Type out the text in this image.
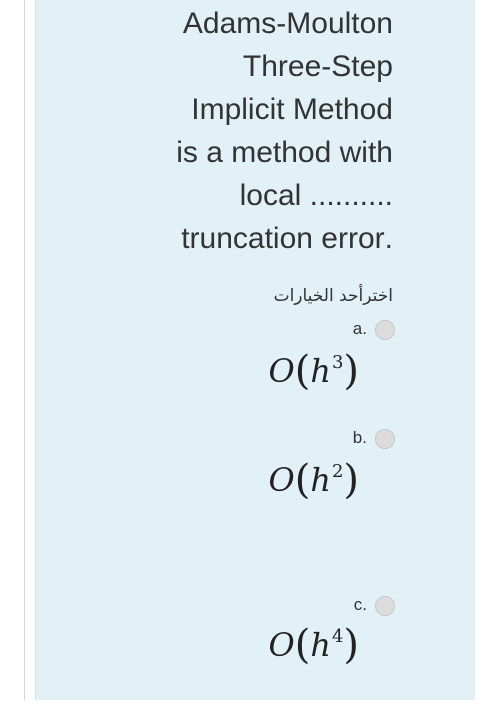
Adams-Moulton
Three-Step
Implicit Method
is a method with
.......... local
.truncation error
اخترأحد الخيارات
.a
$O(h^3)$
.b
$O(h^2)$
.c
$O(h^4)$
